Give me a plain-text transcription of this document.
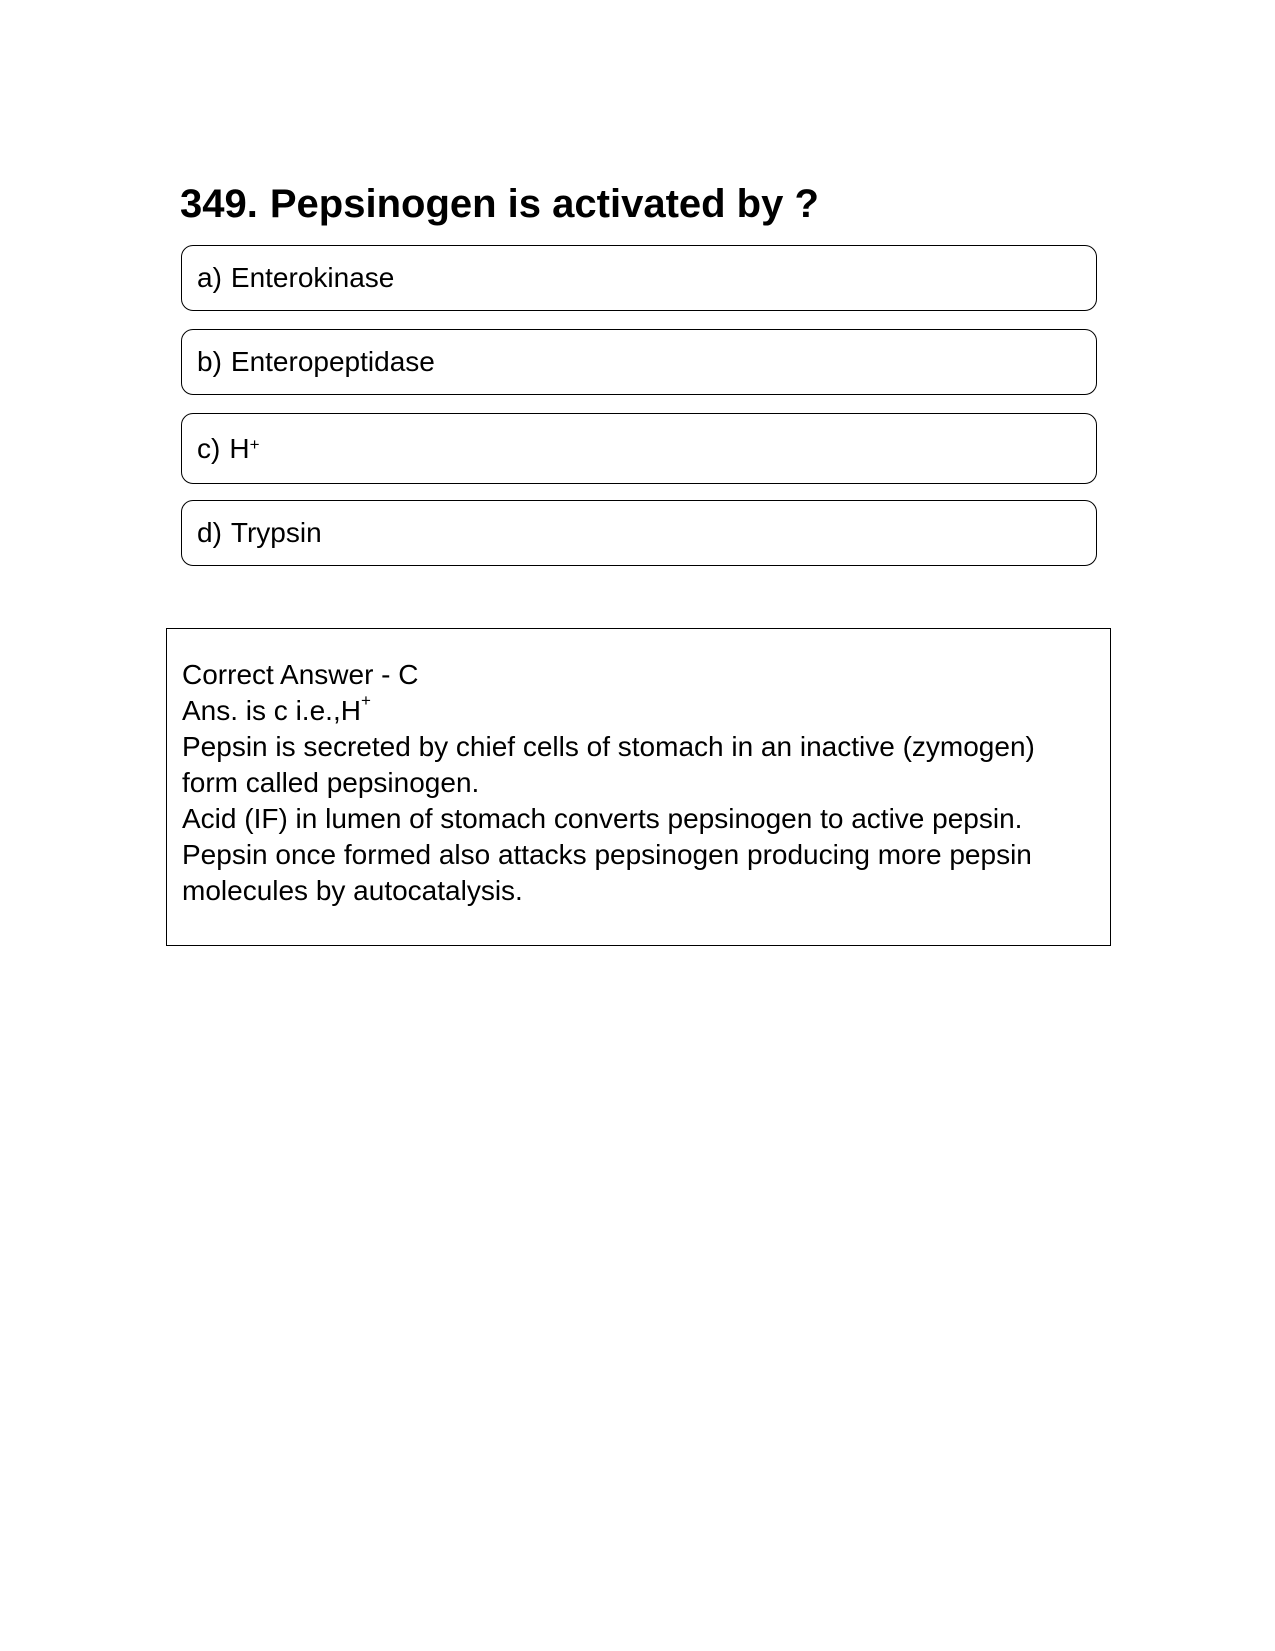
349. Pepsinogen is activated by ?
a) Enterokinase
b) Enteropeptidase
c) H+
d) Trypsin

Correct Answer - C

Ans. is c i.e.,H+

Pepsin is secreted by chief cells of stomach in an inactive (zymogen) form called pepsinogen.

Acid (IF) in lumen of stomach converts pepsinogen to active pepsin.

Pepsin once formed also attacks pepsinogen producing more pepsin molecules by autocatalysis.
